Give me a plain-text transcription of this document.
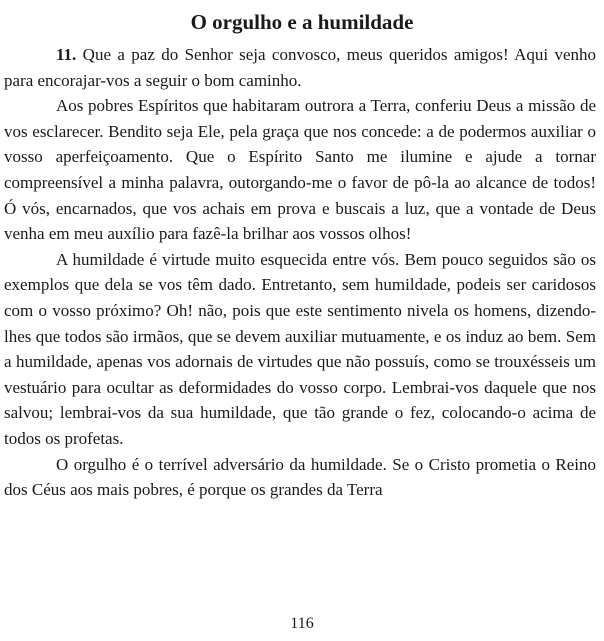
O orgulho e a humildade

11. Que a paz do Senhor seja convosco, meus queridos amigos! Aqui venho para encorajar-vos a seguir o bom caminho.

Aos pobres Espíritos que habitaram outrora a Terra, conferiu Deus a missão de vos esclarecer. Bendito seja Ele, pela graça que nos concede: a de podermos auxiliar o vosso aperfeiçoamento. Que o Espírito Santo me ilumine e ajude a tornar compreensível a minha palavra, outorgando-me o favor de pô-la ao alcance de todos! Ó vós, encarnados, que vos achais em prova e buscais a luz, que a vontade de Deus venha em meu auxílio para fazê-la brilhar aos vossos olhos!

A humildade é virtude muito esquecida entre vós. Bem pouco seguidos são os exemplos que dela se vos têm dado. Entretanto, sem humildade, podeis ser caridosos com o vosso próximo? Oh! não, pois que este sentimento nivela os homens, dizendo-lhes que todos são irmãos, que se devem auxiliar mutuamente, e os induz ao bem. Sem a humildade, apenas vos adornais de virtudes que não possuís, como se trouxésseis um vestuário para ocultar as deformidades do vosso corpo. Lembrai-vos daquele que nos salvou; lembrai-vos da sua humildade, que tão grande o fez, colocando-o acima de todos os profetas.

O orgulho é o terrível adversário da humildade. Se o Cristo prometia o Reino dos Céus aos mais pobres, é porque os grandes da Terra

116
